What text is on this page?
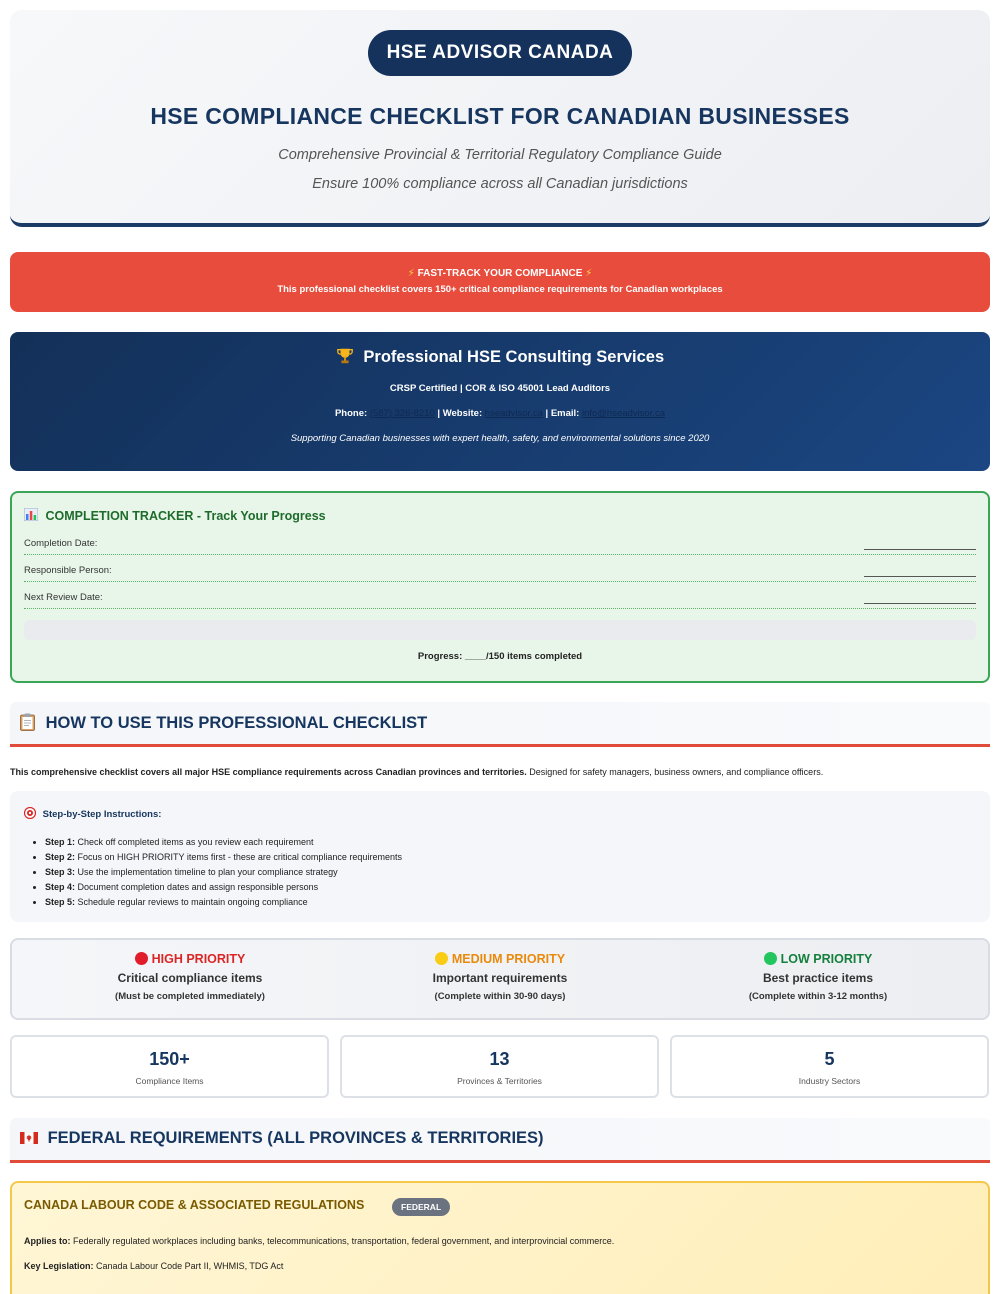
HSE ADVISOR CANADA
HSE COMPLIANCE CHECKLIST FOR CANADIAN BUSINESSES
Comprehensive Provincial & Territorial Regulatory Compliance Guide
Ensure 100% compliance across all Canadian jurisdictions
⚡ FAST-TRACK YOUR COMPLIANCE ⚡
This professional checklist covers 150+ critical compliance requirements for Canadian workplaces
Professional HSE Consulting Services
CRSP Certified | COR & ISO 45001 Lead Auditors
Phone: (587) 326-8210 | Website: hseadvisor.ca | Email: info@hseadvisor.ca
Supporting Canadian businesses with expert health, safety, and environmental solutions since 2020
COMPLETION TRACKER - Track Your Progress
Completion Date:
Responsible Person:
Next Review Date:
Progress: ____/150 items completed
HOW TO USE THIS PROFESSIONAL CHECKLIST
This comprehensive checklist covers all major HSE compliance requirements across Canadian provinces and territories. Designed for safety managers, business owners, and compliance officers.
Step-by-Step Instructions:
• Step 1: Check off completed items as you review each requirement
• Step 2: Focus on HIGH PRIORITY items first - these are critical compliance requirements
• Step 3: Use the implementation timeline to plan your compliance strategy
• Step 4: Document completion dates and assign responsible persons
• Step 5: Schedule regular reviews to maintain ongoing compliance
HIGH PRIORITY
Critical compliance items
(Must be completed immediately)
MEDIUM PRIORITY
Important requirements
(Complete within 30-90 days)
LOW PRIORITY
Best practice items
(Complete within 3-12 months)
150+
Compliance Items
13
Provinces & Territories
5
Industry Sectors
FEDERAL REQUIREMENTS (ALL PROVINCES & TERRITORIES)
CANADA LABOUR CODE & ASSOCIATED REGULATIONS	FEDERAL
Applies to: Federally regulated workplaces including banks, telecommunications, transportation, federal government, and interprovincial commerce.
Key Legislation: Canada Labour Code Part II, WHMIS, TDG Act
